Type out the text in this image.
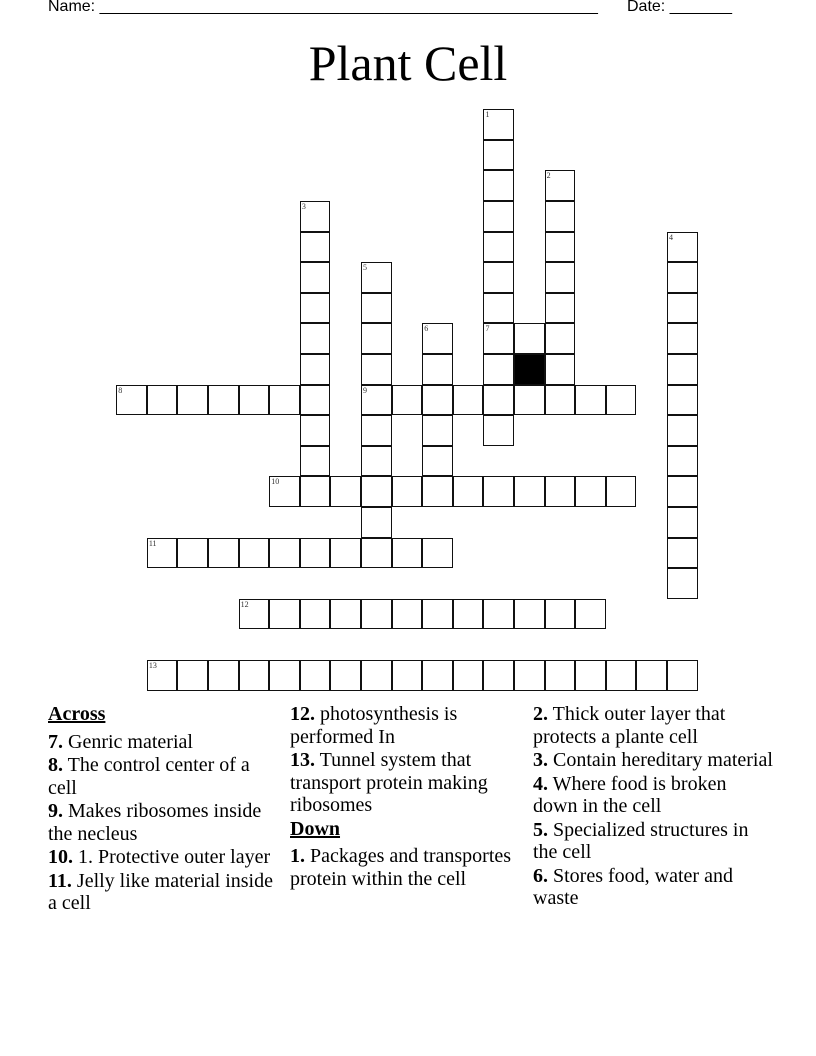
Name: ________________________________________________________ Date: _______
Plant Cell
1
7
2
3
4
5
9
6
8
10
11
12
13
Across
7. Genric material
8. The control center of a cell
9. Makes ribosomes inside the necleus
10. 1. Protective outer layer
11. Jelly like material inside a cell
12. photosynthesis is performed In
13. Tunnel system that transport protein making ribosomes
Down
1. Packages and transportes protein within the cell
2. Thick outer layer that protects a plante cell
3. Contain hereditary material
4. Where food is broken down in the cell
5. Specialized structures in the cell
6. Stores food, water and waste
